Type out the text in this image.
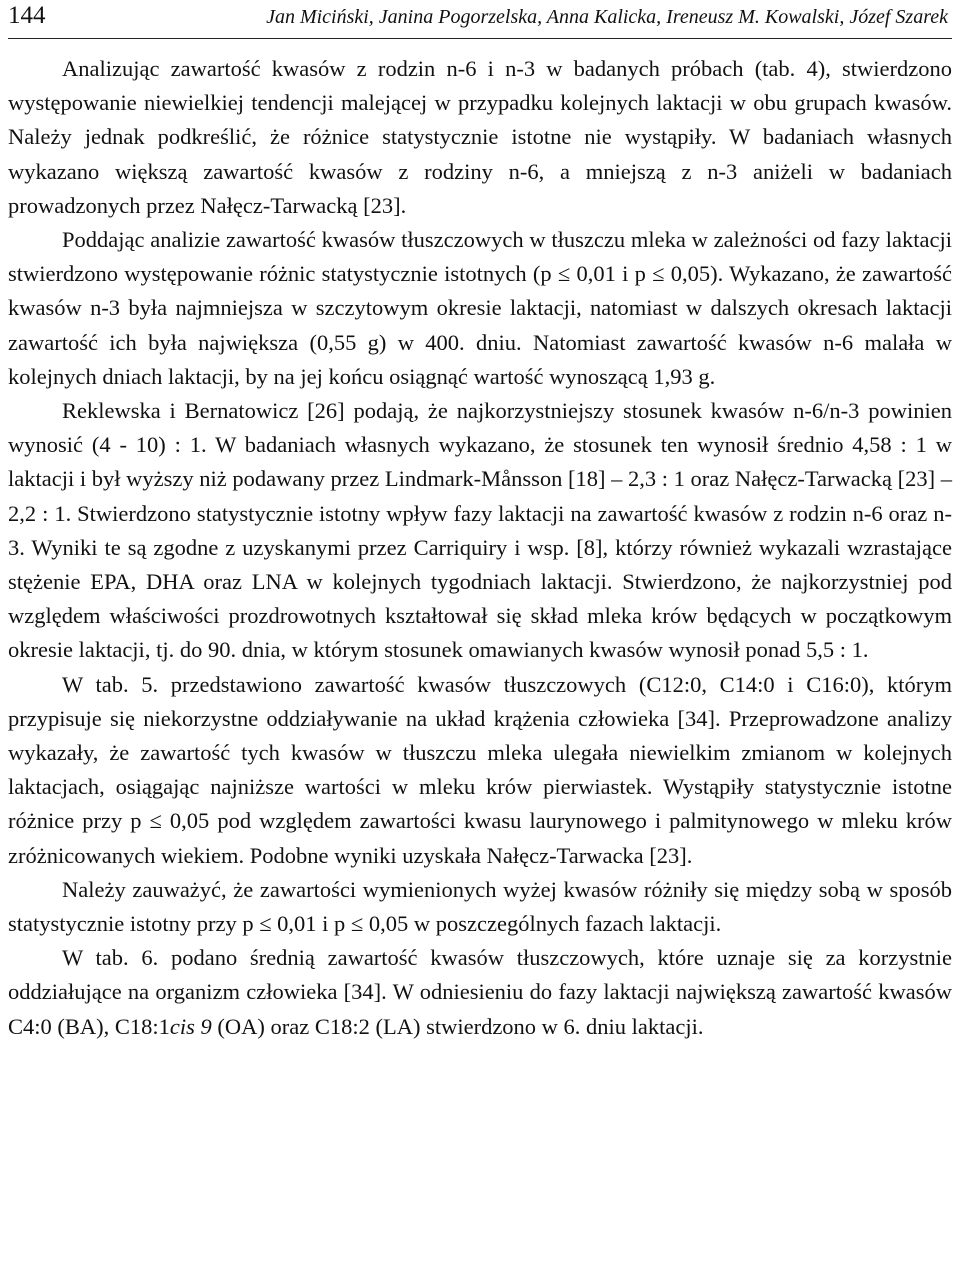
144	Jan Miciński, Janina Pogorzelska, Anna Kalicka, Ireneusz M. Kowalski, Józef Szarek

Analizując zawartość kwasów z rodzin n-6 i n-3 w badanych próbach (tab. 4), stwierdzono występowanie niewielkiej tendencji malejącej w przypadku kolejnych laktacji w obu grupach kwasów. Należy jednak podkreślić, że różnice statystycznie istotne nie wystąpiły. W badaniach własnych wykazano większą zawartość kwasów z rodziny n-6, a mniejszą z n-3 aniżeli w badaniach prowadzonych przez Nałęcz-Tarwacką [23].

Poddając analizie zawartość kwasów tłuszczowych w tłuszczu mleka w zależności od fazy laktacji stwierdzono występowanie różnic statystycznie istotnych (p ≤ 0,01 i p ≤ 0,05). Wykazano, że zawartość kwasów n-3 była najmniejsza w szczytowym okresie laktacji, natomiast w dalszych okresach laktacji zawartość ich była największa (0,55 g) w 400. dniu. Natomiast zawartość kwasów n-6 malała w kolejnych dniach laktacji, by na jej końcu osiągnąć wartość wynoszącą 1,93 g.

Reklewska i Bernatowicz [26] podają, że najkorzystniejszy stosunek kwasów n-6/n-3 powinien wynosić (4 - 10) : 1. W badaniach własnych wykazano, że stosunek ten wynosił średnio 4,58 : 1 w laktacji i był wyższy niż podawany przez Lindmark-Månsson [18] – 2,3 : 1 oraz Nałęcz-Tarwacką [23] – 2,2 : 1. Stwierdzono statystycznie istotny wpływ fazy laktacji na zawartość kwasów z rodzin n-6 oraz n-3. Wyniki te są zgodne z uzyskanymi przez Carriquiry i wsp. [8], którzy również wykazali wzrastające stężenie EPA, DHA oraz LNA w kolejnych tygodniach laktacji. Stwierdzono, że najkorzystniej pod względem właściwości prozdrowotnych kształtował się skład mleka krów będących w początkowym okresie laktacji, tj. do 90. dnia, w którym stosunek omawianych kwasów wynosił ponad 5,5 : 1.

W tab. 5. przedstawiono zawartość kwasów tłuszczowych (C12:0, C14:0 i C16:0), którym przypisuje się niekorzystne oddziaływanie na układ krążenia człowieka [34]. Przeprowadzone analizy wykazały, że zawartość tych kwasów w tłuszczu mleka ulegała niewielkim zmianom w kolejnych laktacjach, osiągając najniższe wartości w mleku krów pierwiastek. Wystąpiły statystycznie istotne różnice przy p ≤ 0,05 pod względem zawartości kwasu laurynowego i palmitynowego w mleku krów zróżnicowanych wiekiem. Podobne wyniki uzyskała Nałęcz-Tarwacka [23].

Należy zauważyć, że zawartości wymienionych wyżej kwasów różniły się między sobą w sposób statystycznie istotny przy p ≤ 0,01 i p ≤ 0,05 w poszczególnych fazach laktacji.

W tab. 6. podano średnią zawartość kwasów tłuszczowych, które uznaje się za korzystnie oddziałujące na organizm człowieka [34]. W odniesieniu do fazy laktacji największą zawartość kwasów C4:0 (BA), C18:1cis 9 (OA) oraz C18:2 (LA) stwierdzono w 6. dniu laktacji.
